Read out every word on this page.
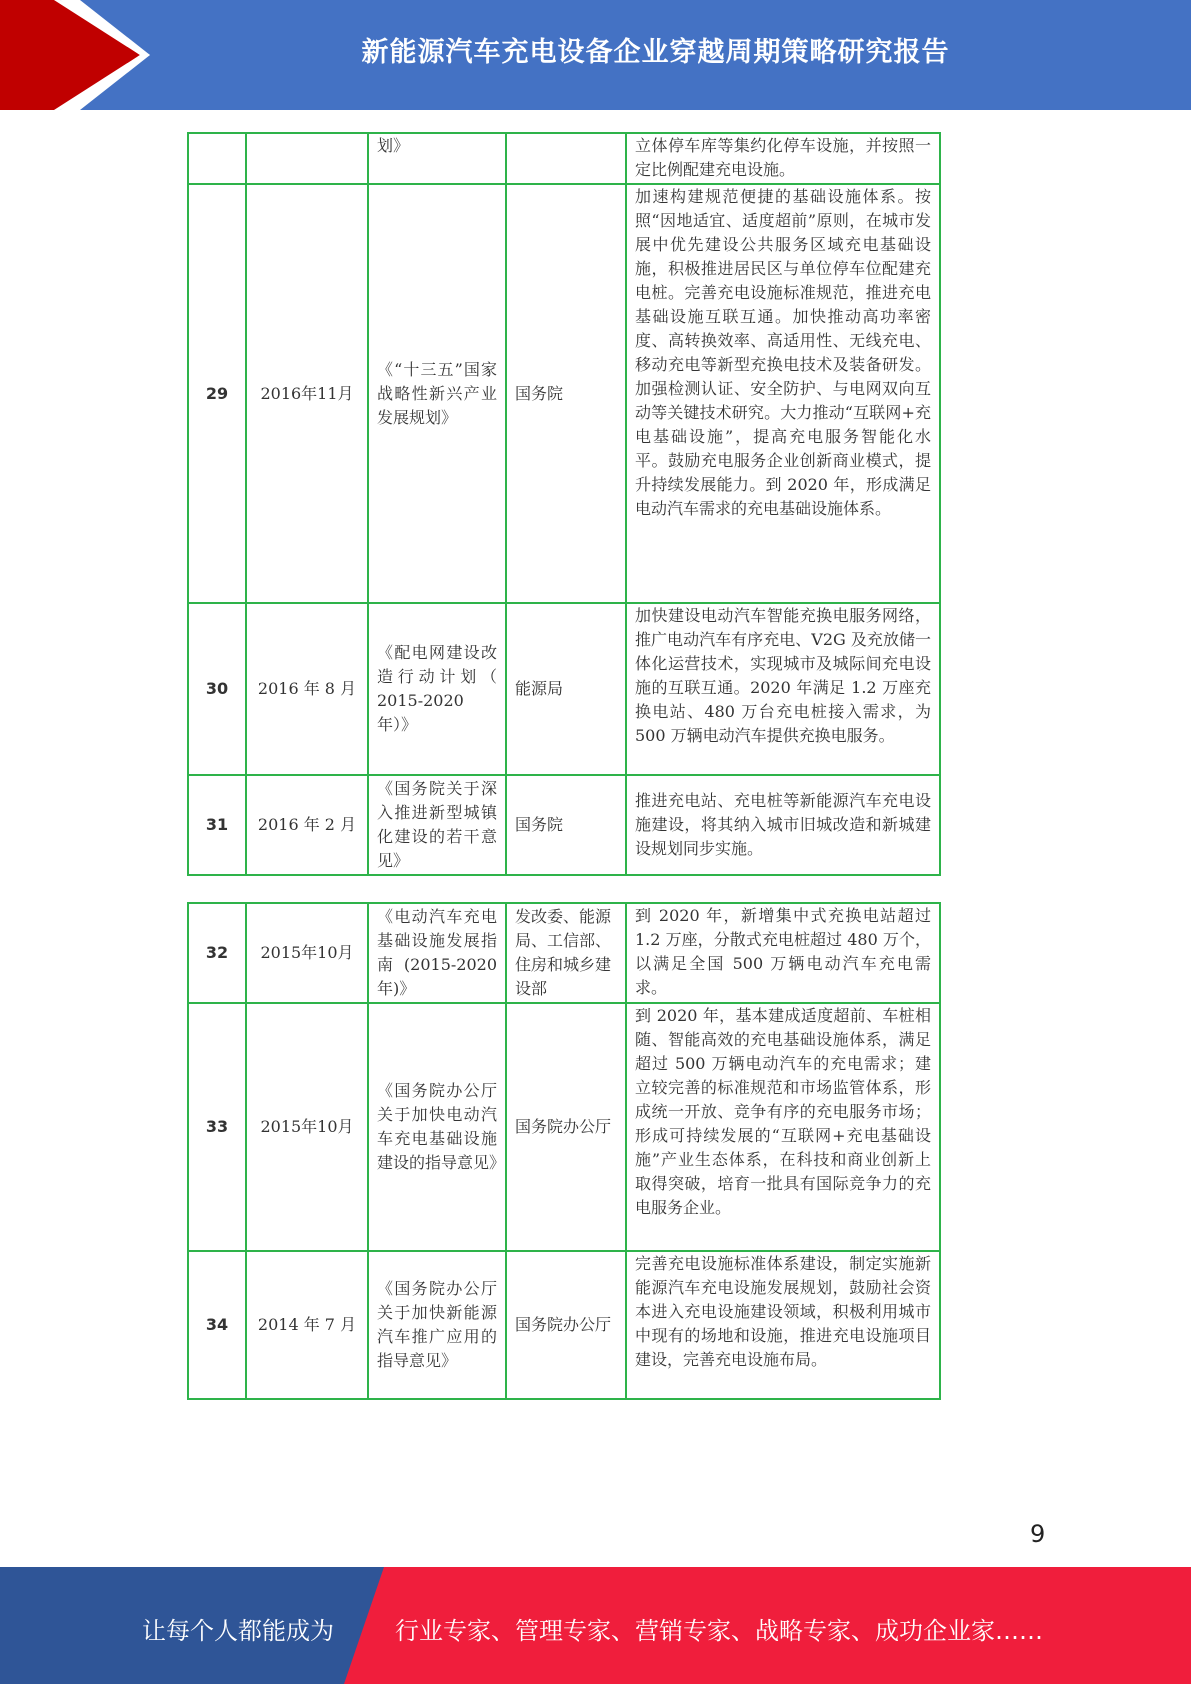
新能源汽车充电设备企业穿越周期策略研究报告
		划》		立体停车库等集约化停车设施，并按照一定比例配建充电设施。
29	2016年11月	《“十三五”国家战略性新兴产业发展规划》	国务院	加速构建规范便捷的基础设施体系。按照“因地适宜、适度超前”原则，在城市发展中优先建设公共服务区域充电基础设施，积极推进居民区与单位停车位配建充电桩。完善充电设施标准规范，推进充电基础设施互联互通。加快推动高功率密度、高转换效率、高适用性、无线充电、移动充电等新型充换电技术及装备研发。加强检测认证、安全防护、与电网双向互动等关键技术研究。大力推动“互联网+充电基础设施”，提高充电服务智能化水平。鼓励充电服务企业创新商业模式，提升持续发展能力。到 2020 年，形成满足电动汽车需求的充电基础设施体系。
30	2016 年 8 月	《配电网建设改造行动计划（ 2015-2020 年）》	能源局	加快建设电动汽车智能充换电服务网络，推广电动汽车有序充电、V2G 及充放储一体化运营技术，实现城市及城际间充电设施的互联互通。2020 年满足 1.2 万座充换电站、480 万台充电桩接入需求，为 500 万辆电动汽车提供充换电服务。
31	2016 年 2 月	《国务院关于深入推进新型城镇化建设的若干意见》	国务院	推进充电站、充电桩等新能源汽车充电设施建设，将其纳入城市旧城改造和新城建设规划同步实施。
32	2015年10月	《电动汽车充电基础设施发展指南(2015-2020 年)》	发改委、能源局、工信部、住房和城乡建设部	到 2020 年，新增集中式充换电站超过 1.2 万座，分散式充电桩超过 480 万个，以满足全国 500 万辆电动汽车充电需求。
33	2015年10月	《国务院办公厅关于加快电动汽车充电基础设施建设的指导意见》	国务院办公厅	到 2020 年，基本建成适度超前、车桩相随、智能高效的充电基础设施体系，满足超过 500 万辆电动汽车的充电需求；建立较完善的标准规范和市场监管体系，形成统一开放、竞争有序的充电服务市场；形成可持续发展的“互联网+充电基础设施”产业生态体系，在科技和商业创新上取得突破，培育一批具有国际竞争力的充电服务企业。
34	2014 年 7 月	《国务院办公厅关于加快新能源汽车推广应用的指导意见》	国务院办公厅	完善充电设施标准体系建设，制定实施新能源汽车充电设施发展规划，鼓励社会资本进入充电设施建设领域，积极利用城市中现有的场地和设施，推进充电设施项目建设，完善充电设施布局。
9
让每个人都能成为	行业专家、管理专家、营销专家、战略专家、成功企业家……
